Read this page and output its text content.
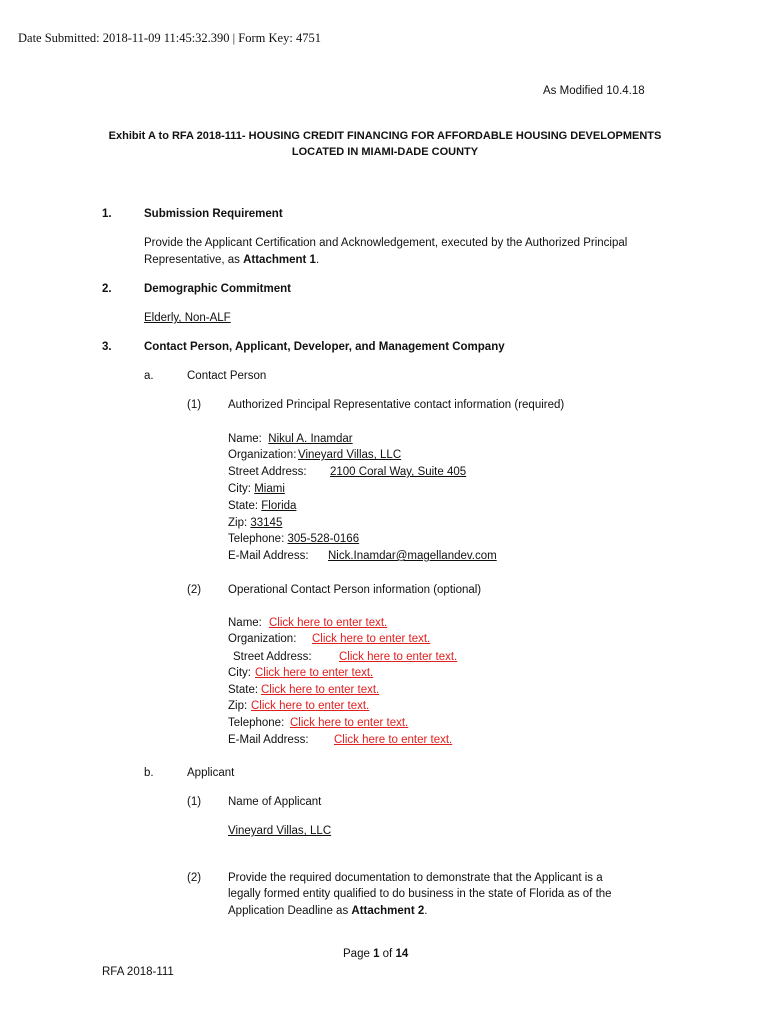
Date Submitted: 2018-11-09 11:45:32.390 | Form Key: 4751
As Modified 10.4.18
Exhibit A to RFA 2018-111- HOUSING CREDIT FINANCING FOR AFFORDABLE HOUSING DEVELOPMENTS
LOCATED IN MIAMI-DADE COUNTY
1.	Submission Requirement
Provide the Applicant Certification and Acknowledgement, executed by the Authorized Principal
Representative, as Attachment 1.
2.	Demographic Commitment
Elderly, Non-ALF
3.	Contact Person, Applicant, Developer, and Management Company
a.	Contact Person
(1) Authorized Principal Representative contact information (required)
Name: Nikul A. Inamdar
Organization: Vineyard Villas, LLC
Street Address: 2100 Coral Way, Suite 405
City: Miami
State: Florida
Zip: 33145
Telephone: 305-528-0166
E-Mail Address: Nick.Inamdar@magellandev.com
(2) Operational Contact Person information (optional)
Name: Click here to enter text.
Organization: Click here to enter text.
Street Address: Click here to enter text.
City: Click here to enter text.
State: Click here to enter text.
Zip: Click here to enter text.
Telephone: Click here to enter text.
E-Mail Address: Click here to enter text.
b.	Applicant
(1) Name of Applicant
Vineyard Villas, LLC
(2) Provide the required documentation to demonstrate that the Applicant is a
legally formed entity qualified to do business in the state of Florida as of the
Application Deadline as Attachment 2.
Page 1 of 14
RFA 2018-111
